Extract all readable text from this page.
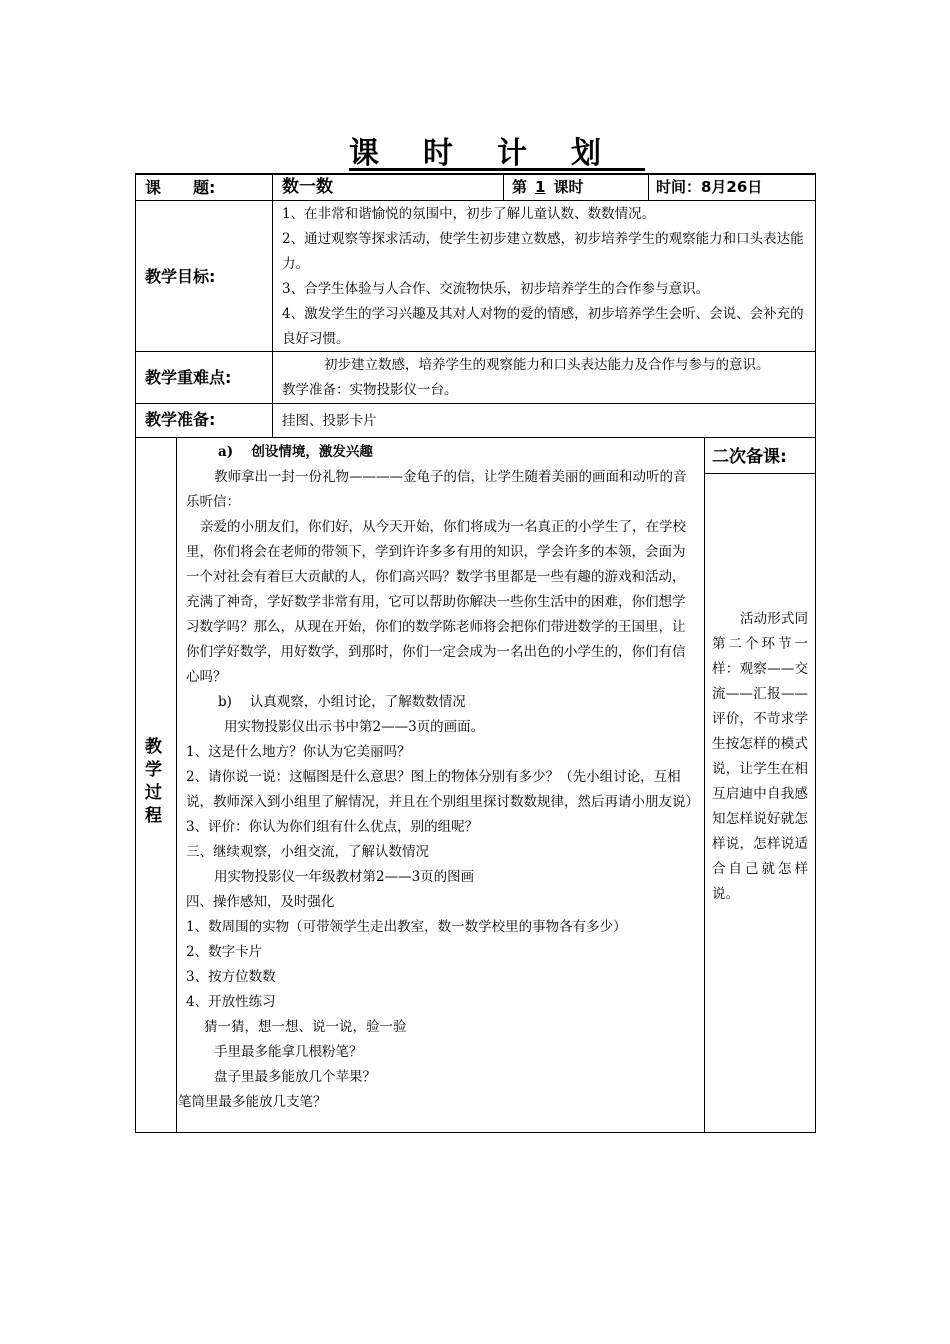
课时计划
课　　题:	数一数	第 1 课时	时间：8月26日
教学目标:
1、在非常和谐愉悦的氛围中，初步了解儿童认数、数数情况。
2、通过观察等探求活动，使学生初步建立数感，初步培养学生的观察能力和口头表达能力。
3、合学生体验与人合作、交流物快乐，初步培养学生的合作参与意识。
4、激发学生的学习兴趣及其对人对物的爱的情感，初步培养学生会听、会说、会补充的良好习惯。
教学重难点:
初步建立数感，培养学生的观察能力和口头表达能力及合作与参与的意识。
教学准备：实物投影仪一台。
教学准备:	挂图、投影卡片
教学过程
a)　 创设情境，激发兴趣
教师拿出一封一份礼物————金龟子的信，让学生随着美丽的画面和动听的音乐听信：
亲爱的小朋友们，你们好，从今天开始，你们将成为一名真正的小学生了，在学校里，你们将会在老师的带领下，学到许许多多有用的知识，学会许多的本领，会面为一个对社会有着巨大贡献的人，你们高兴吗？数学书里都是一些有趣的游戏和活动，充满了神奇，学好数学非常有用，它可以帮助你解决一些你生活中的困难，你们想学习数学吗？那么，从现在开始，你们的数学陈老师将会把你们带进数学的王国里，让你们学好数学，用好数学，到那时，你们一定会成为一名出色的小学生的，你们有信心吗？
b)　 认真观察，小组讨论，了解数数情况
用实物投影仪出示书中第2——3页的画面。
1、这是什么地方？你认为它美丽吗？
2、请你说一说：这幅图是什么意思？图上的物体分别有多少？（先小组讨论，互相说，教师深入到小组里了解情况，并且在个别组里探讨数数规律，然后再请小朋友说）
3、评价：你认为你们组有什么优点，别的组呢？
三、继续观察，小组交流，了解认数情况
用实物投影仪一年级教材第2——3页的图画
四、操作感知，及时强化
1、数周围的实物（可带领学生走出教室，数一数学校里的事物各有多少）
2、数字卡片
3、按方位数数
4、开放性练习
猜一猜，想一想、说一说，验一验
手里最多能拿几根粉笔？
盘子里最多能放几个苹果？
笔筒里最多能放几支笔？
二次备课:
活动形式同第二个环节一样：观察——交流——汇报——评价，不苛求学生按怎样的模式说，让学生在相互启迪中自我感知怎样说好就怎样说，怎样说适合自己就怎样说。
